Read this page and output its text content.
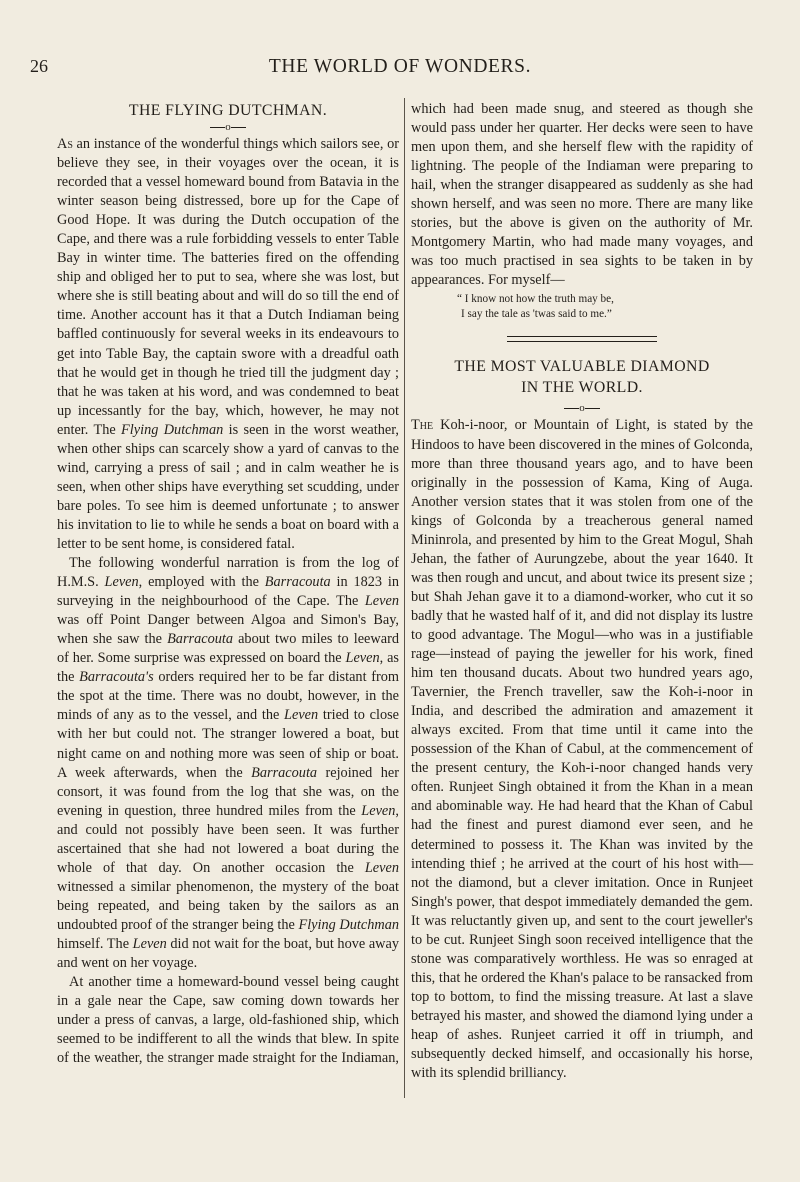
26	THE WORLD OF WONDERS.
THE FLYING DUTCHMAN.
o

As an instance of the wonderful things which sailors see, or believe they see, in their voyages over the ocean, it is recorded that a vessel homeward bound from Batavia in the winter season being distressed, bore up for the Cape of Good Hope. It was during the Dutch occupation of the Cape, and there was a rule forbidding vessels to enter Table Bay in winter time. The batteries fired on the offending ship and obliged her to put to sea, where she was lost, but where she is still beating about and will do so till the end of time. Another account has it that a Dutch Indiaman being baffled continuously for several weeks in its endeavours to get into Table Bay, the captain swore with a dreadful oath that he would get in though he tried till the judgment day ; that he was taken at his word, and was condemned to beat up incessantly for the bay, which, however, he may not enter. The Flying Dutchman is seen in the worst weather, when other ships can scarcely show a yard of canvas to the wind, carrying a press of sail ; and in calm weather he is seen, when other ships have everything set scudding, under bare poles. To see him is deemed unfortunate ; to answer his invitation to lie to while he sends a boat on board with a letter to be sent home, is considered fatal.

The following wonderful narration is from the log of H.M.S. Leven, employed with the Barracouta in 1823 in surveying in the neighbourhood of the Cape. The Leven was off Point Danger between Algoa and Simon's Bay, when she saw the Barracouta about two miles to leeward of her. Some surprise was expressed on board the Leven, as the Barracouta's orders required her to be far distant from the spot at the time. There was no doubt, however, in the minds of any as to the vessel, and the Leven tried to close with her but could not. The stranger lowered a boat, but night came on and nothing more was seen of ship or boat. A week afterwards, when the Barracouta rejoined her consort, it was found from the log that she was, on the evening in question, three hundred miles from the Leven, and could not possibly have been seen. It was further ascertained that she had not lowered a boat during the whole of that day. On another occasion the Leven witnessed a similar phenomenon, the mystery of the boat being repeated, and being taken by the sailors as an undoubted proof of the stranger being the Flying Dutchman himself. The Leven did not wait for the boat, but hove away and went on her voyage.

At another time a homeward-bound vessel being caught in a gale near the Cape, saw coming down towards her under a press of canvas, a large, old-fashioned ship, which seemed to be indifferent to all the winds that blew. In spite of the weather, the stranger made straight for the Indiaman,

which had been made snug, and steered as though she would pass under her quarter. Her decks were seen to have men upon them, and she herself flew with the rapidity of lightning. The people of the Indiaman were preparing to hail, when the stranger disappeared as suddenly as she had shown herself, and was seen no more. There are many like stories, but the above is given on the authority of Mr. Montgomery Martin, who had made many voyages, and was too much practised in sea sights to be taken in by appearances. For myself—
“ I know not how the truth may be,
I say the tale as 'twas said to me.”
THE MOST VALUABLE DIAMOND
IN THE WORLD.
o

The Koh-i-noor, or Mountain of Light, is stated by the Hindoos to have been discovered in the mines of Golconda, more than three thousand years ago, and to have been originally in the possession of Kama, King of Auga. Another version states that it was stolen from one of the kings of Golconda by a treacherous general named Mininrola, and presented by him to the Great Mogul, Shah Jehan, the father of Aurungzebe, about the year 1640. It was then rough and uncut, and about twice its present size ; but Shah Jehan gave it to a diamond-worker, who cut it so badly that he wasted half of it, and did not display its lustre to good advantage. The Mogul—who was in a justifiable rage—instead of paying the jeweller for his work, fined him ten thousand ducats. About two hundred years ago, Tavernier, the French traveller, saw the Koh-i-noor in India, and described the admiration and amazement it always excited. From that time until it came into the possession of the Khan of Cabul, at the commencement of the present century, the Koh-i-noor changed hands very often. Runjeet Singh obtained it from the Khan in a mean and abominable way. He had heard that the Khan of Cabul had the finest and purest diamond ever seen, and he determined to possess it. The Khan was invited by the intending thief ; he arrived at the court of his host with—not the diamond, but a clever imitation. Once in Runjeet Singh's power, that despot immediately demanded the gem. It was reluctantly given up, and sent to the court jeweller's to be cut. Runjeet Singh soon received intelligence that the stone was comparatively worthless. He was so enraged at this, that he ordered the Khan's palace to be ransacked from top to bottom, to find the missing treasure. At last a slave betrayed his master, and showed the diamond lying under a heap of ashes. Runjeet carried it off in triumph, and subsequently decked himself, and occasionally his horse, with its splendid brilliancy.
